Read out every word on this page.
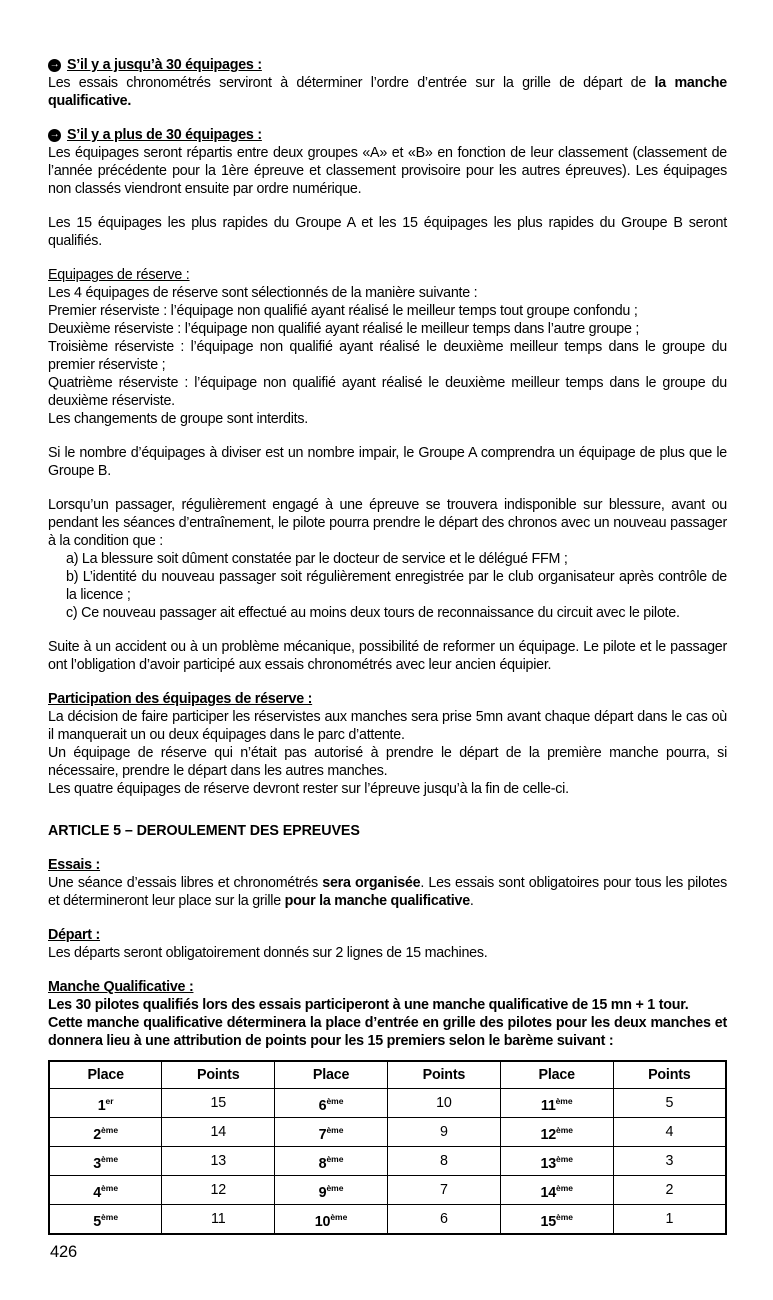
→ S’il y a jusqu’à 30 équipages :

Les essais chronométrés serviront à déterminer l’ordre d’entrée sur la grille de départ de la manche qualificative.

→ S’il y a plus de 30 équipages :

Les équipages seront répartis entre deux groupes «A» et «B» en fonction de leur classement (classement de l’année précédente pour la 1ère épreuve et classement provisoire pour les autres épreuves). Les équipages non classés viendront ensuite par ordre numérique.

Les 15 équipages les plus rapides du Groupe A et les 15 équipages les plus rapides du Groupe B seront qualifiés.

Equipages de réserve :

Les 4 équipages de réserve sont sélectionnés de la manière suivante :

Premier réserviste : l’équipage non qualifié ayant réalisé le meilleur temps tout groupe confondu ;

Deuxième réserviste : l’équipage non qualifié ayant réalisé le meilleur temps dans l’autre groupe ;

Troisième réserviste : l’équipage non qualifié ayant réalisé le deuxième meilleur temps dans le groupe du premier réserviste ;

Quatrième réserviste : l’équipage non qualifié ayant réalisé le deuxième meilleur temps dans le groupe du deuxième réserviste.

Les changements de groupe sont interdits.

Si le nombre d’équipages à diviser est un nombre impair, le Groupe A comprendra un équipage de plus que le Groupe B.

Lorsqu’un passager, régulièrement engagé à une épreuve se trouvera indisponible sur blessure, avant ou pendant les séances d’entraînement, le pilote pourra prendre le départ des chronos avec un nouveau passager à la condition que :

a) La blessure soit dûment constatée par le docteur de service et le délégué FFM ;

b) L’identité du nouveau passager soit régulièrement enregistrée par le club organisateur après contrôle de la licence ;

c) Ce nouveau passager ait effectué au moins deux tours de reconnaissance du circuit avec le pilote.

Suite à un accident ou à un problème mécanique, possibilité de reformer un équipage. Le pilote et le passager ont l’obligation d’avoir participé aux essais chronométrés avec leur ancien équipier.

Participation des équipages de réserve :

La décision de faire participer les réservistes aux manches sera prise 5mn avant chaque départ dans le cas où il manquerait un ou deux équipages dans le parc d’attente.

Un équipage de réserve qui n’était pas autorisé à prendre le départ de la première manche pourra, si nécessaire, prendre le départ dans les autres manches.

Les quatre équipages de réserve devront rester sur l’épreuve jusqu’à la fin de celle-ci.

ARTICLE 5 – DEROULEMENT DES EPREUVES

Essais :

Une séance d’essais libres et chronométrés sera organisée. Les essais sont obligatoires pour tous les pilotes et détermineront leur place sur la grille pour la manche qualificative.

Départ :

Les départs seront obligatoirement donnés sur 2 lignes de 15 machines.

Manche Qualificative :

Les 30 pilotes qualifiés lors des essais participeront à une manche qualificative de 15 mn + 1 tour.

Cette manche qualificative déterminera la place d’entrée en grille des pilotes pour les deux manches et donnera lieu à une attribution de points pour les 15 premiers selon le barème suivant :

Place	Points	Place	Points	Place	Points
1er	15	6ème	10	11ème	5
2ème	14	7ème	9	12ème	4
3ème	13	8ème	8	13ème	3
4ème	12	9ème	7	14ème	2
5ème	11	10ème	6	15ème	1
426
